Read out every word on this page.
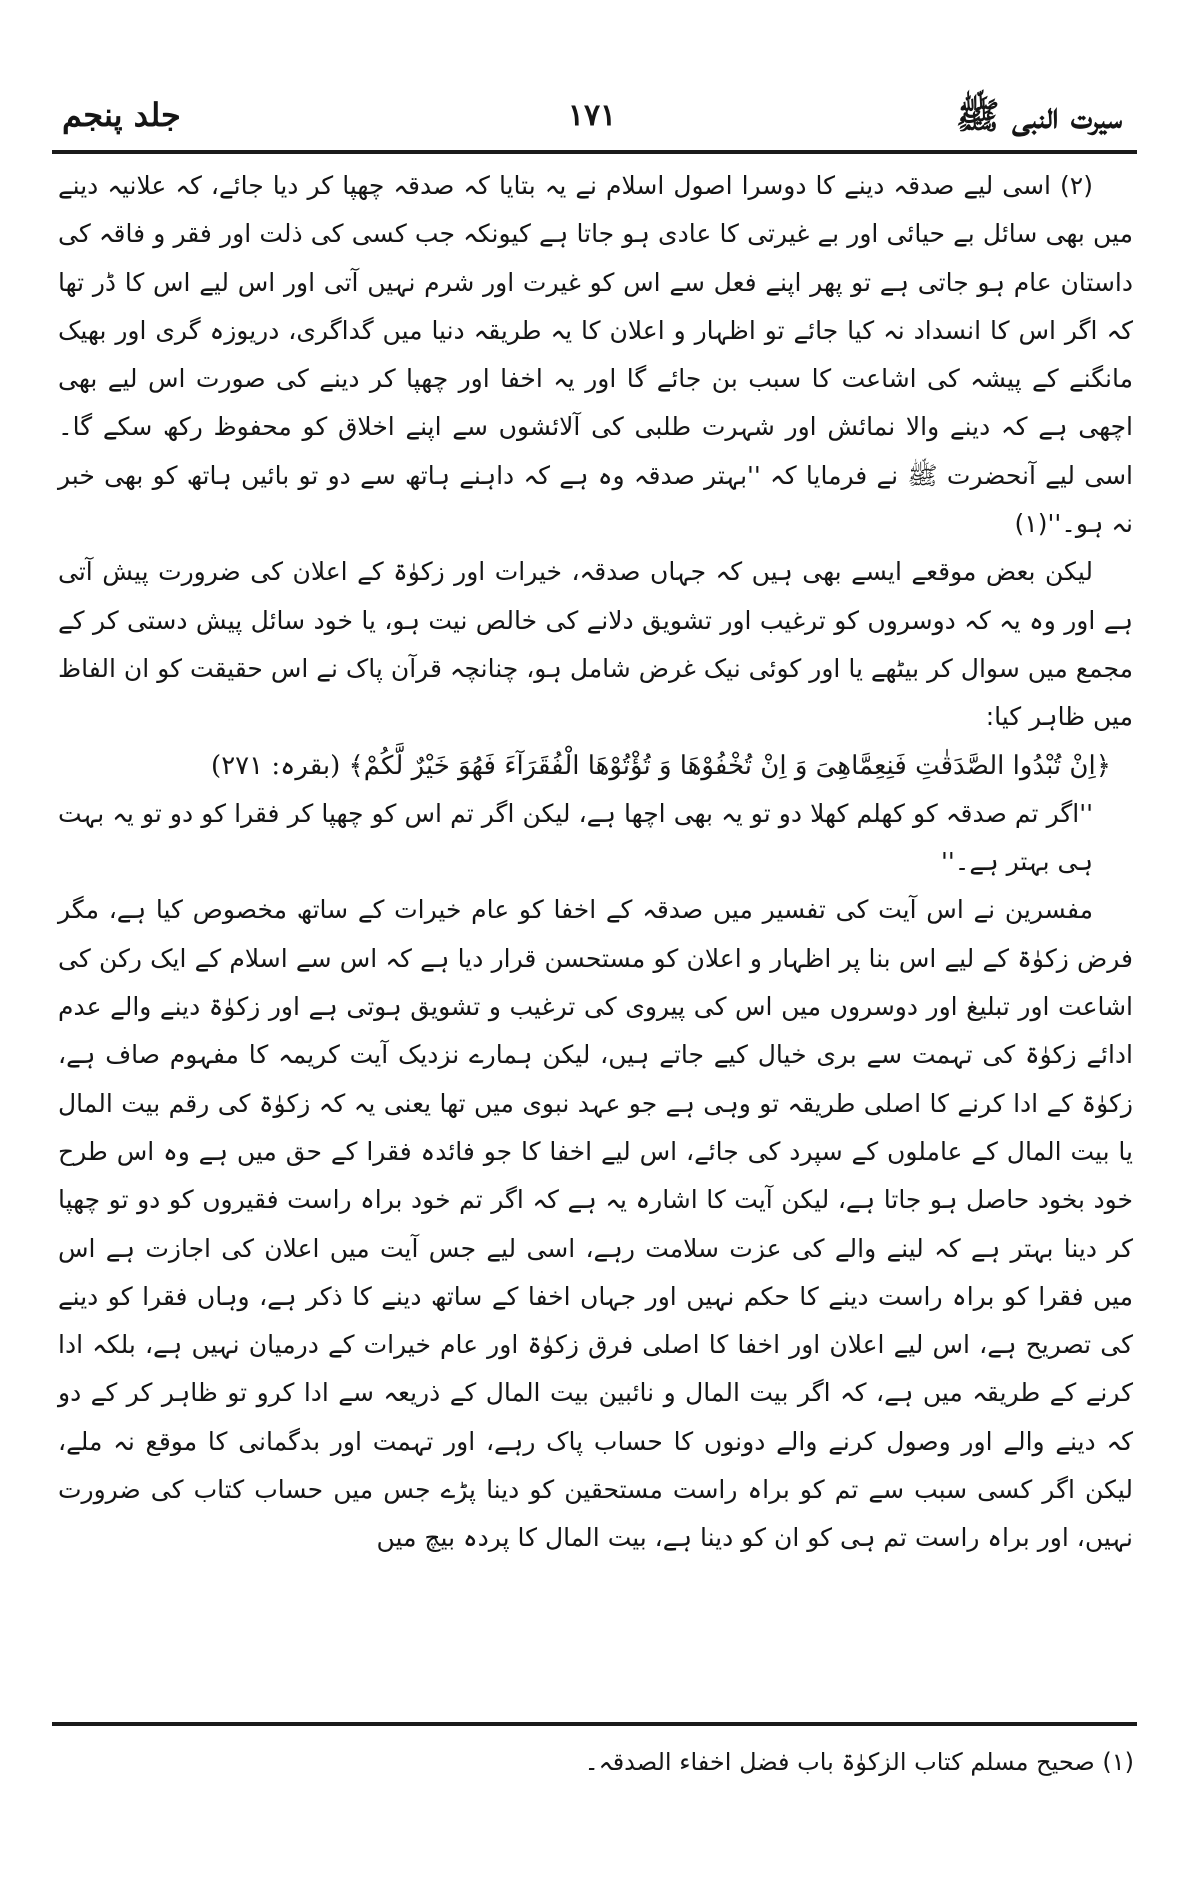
سیرت النبی ﷺ
۱۷۱
جلد پنجم

(۲) اسی لیے صدقہ دینے کا دوسرا اصول اسلام نے یہ بتایا کہ صدقہ چھپا کر دیا جائے، کہ علانیہ دینے میں بھی سائل بے حیائی اور بے غیرتی کا عادی ہو جاتا ہے کیونکہ جب کسی کی ذلت اور فقر و فاقہ کی داستان عام ہو جاتی ہے تو پھر اپنے فعل سے اس کو غیرت اور شرم نہیں آتی اور اس لیے اس کا ڈر تھا کہ اگر اس کا انسداد نہ کیا جائے تو اظہار و اعلان کا یہ طریقہ دنیا میں گداگری، دریوزہ گری اور بھیک مانگنے کے پیشہ کی اشاعت کا سبب بن جائے گا اور یہ اخفا اور چھپا کر دینے کی صورت اس لیے بھی اچھی ہے کہ دینے والا نمائش اور شہرت طلبی کی آلائشوں سے اپنے اخلاق کو محفوظ رکھ سکے گا۔ اسی لیے آنحضرت ﷺ نے فرمایا کہ ''بہتر صدقہ وہ ہے کہ داہنے ہاتھ سے دو تو بائیں ہاتھ کو بھی خبر نہ ہو۔''(۱)

لیکن بعض موقعے ایسے بھی ہیں کہ جہاں صدقہ، خیرات اور زکوٰۃ کے اعلان کی ضرورت پیش آتی ہے اور وہ یہ کہ دوسروں کو ترغیب اور تشویق دلانے کی خالص نیت ہو، یا خود سائل پیش دستی کر کے مجمع میں سوال کر بیٹھے یا اور کوئی نیک غرض شامل ہو، چنانچہ قرآن پاک نے اس حقیقت کو ان الفاظ میں ظاہر کیا:

﴿اِنْ تُبْدُوا الصَّدَقٰتِ فَنِعِمَّاهِیَ وَ اِنْ تُخْفُوْهَا وَ تُؤْتُوْهَا الْفُقَرَآءَ فَهُوَ خَیْرٌ لَّكُمْ﴾ (بقرہ: ۲۷۱)

''اگر تم صدقہ کو کھلم کھلا دو تو یہ بھی اچھا ہے، لیکن اگر تم اس کو چھپا کر فقرا کو دو تو یہ بہت ہی بہتر ہے۔''

مفسرین نے اس آیت کی تفسیر میں صدقہ کے اخفا کو عام خیرات کے ساتھ مخصوص کیا ہے، مگر فرض زکوٰۃ کے لیے اس بنا پر اظہار و اعلان کو مستحسن قرار دیا ہے کہ اس سے اسلام کے ایک رکن کی اشاعت اور تبلیغ اور دوسروں میں اس کی پیروی کی ترغیب و تشویق ہوتی ہے اور زکوٰۃ دینے والے عدم ادائے زکوٰۃ کی تہمت سے بری خیال کیے جاتے ہیں، لیکن ہمارے نزدیک آیت کریمہ کا مفہوم صاف ہے، زکوٰۃ کے ادا کرنے کا اصلی طریقہ تو وہی ہے جو عہد نبوی میں تھا یعنی یہ کہ زکوٰۃ کی رقم بیت المال یا بیت المال کے عاملوں کے سپرد کی جائے، اس لیے اخفا کا جو فائدہ فقرا کے حق میں ہے وہ اس طرح خود بخود حاصل ہو جاتا ہے، لیکن آیت کا اشارہ یہ ہے کہ اگر تم خود براہ راست فقیروں کو دو تو چھپا کر دینا بہتر ہے کہ لینے والے کی عزت سلامت رہے، اسی لیے جس آیت میں اعلان کی اجازت ہے اس میں فقرا کو براہ راست دینے کا حکم نہیں اور جہاں اخفا کے ساتھ دینے کا ذکر ہے، وہاں فقرا کو دینے کی تصریح ہے، اس لیے اعلان اور اخفا کا اصلی فرق زکوٰۃ اور عام خیرات کے درمیان نہیں ہے، بلکہ ادا کرنے کے طریقہ میں ہے، کہ اگر بیت المال و نائبین بیت المال کے ذریعہ سے ادا کرو تو ظاہر کر کے دو کہ دینے والے اور وصول کرنے والے دونوں کا حساب پاک رہے، اور تہمت اور بدگمانی کا موقع نہ ملے، لیکن اگر کسی سبب سے تم کو براہ راست مستحقین کو دینا پڑے جس میں حساب کتاب کی ضرورت نہیں، اور براہ راست تم ہی کو ان کو دینا ہے، بیت المال کا پردہ بیچ میں

(۱) صحیح مسلم کتاب الزکوٰۃ باب فضل اخفاء الصدقہ۔
